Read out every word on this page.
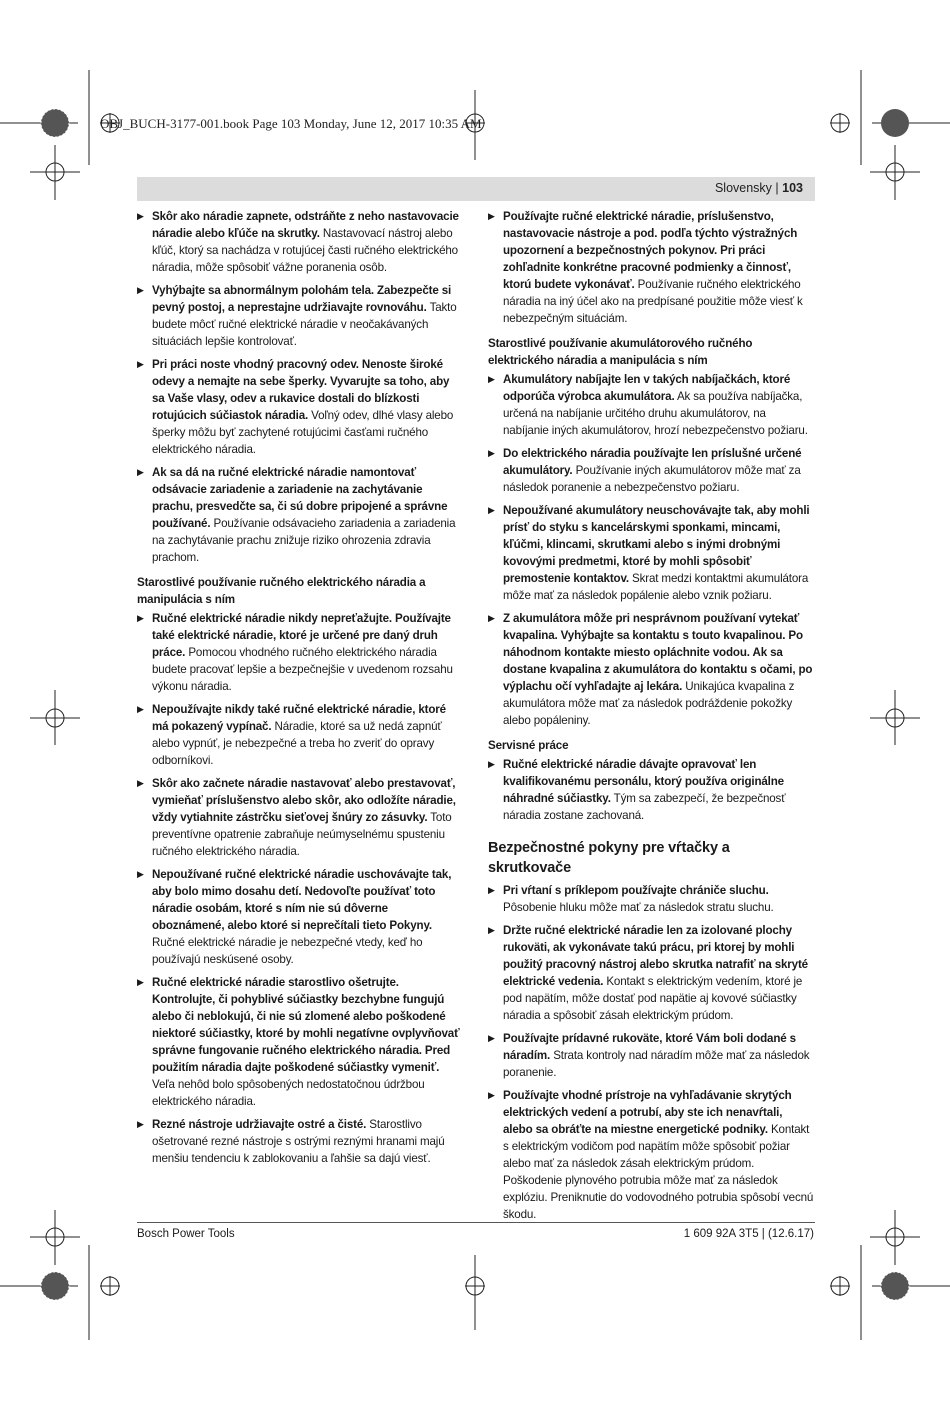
OBJ_BUCH-3177-001.book Page 103 Monday, June 12, 2017 10:35 AM
Slovensky | 103
▶ Skôr ako náradie zapnete, odstráňte z neho nastavovacie náradie alebo kľúče na skrutky. Nastavovací nástroj alebo kľúč, ktorý sa nachádza v rotujúcej časti ručného elektrického náradia, môže spôsobiť vážne poranenia osôb.
▶ Vyhýbajte sa abnormálnym polohám tela. Zabezpečte si pevný postoj, a neprestajne udržiavajte rovnováhu. Takto budete môcť ručné elektrické náradie v neočakávaných situáciách lepšie kontrolovať.
▶ Pri práci noste vhodný pracovný odev. Nenoste široké odevy a nemajte na sebe šperky. Vyvarujte sa toho, aby sa Vaše vlasy, odev a rukavice dostali do blízkosti rotujúcich súčiastok náradia. Voľný odev, dlhé vlasy alebo šperky môžu byť zachytené rotujúcimi časťami ručného elektrického náradia.
▶ Ak sa dá na ručné elektrické náradie namontovať odsávacie zariadenie a zariadenie na zachytávanie prachu, presvedčte sa, či sú dobre pripojené a správne používané. Používanie odsávacieho zariadenia a zariadenia na zachytávanie prachu znižuje riziko ohrozenia zdravia prachom.
Starostlivé používanie ručného elektrického náradia a manipulácia s ním
▶ Ručné elektrické náradie nikdy nepreťažujte. Používajte také elektrické náradie, ktoré je určené pre daný druh práce. Pomocou vhodného ručného elektrického náradia budete pracovať lepšie a bezpečnejšie v uvedenom rozsahu výkonu náradia.
▶ Nepoužívajte nikdy také ručné elektrické náradie, ktoré má pokazený vypínač. Náradie, ktoré sa už nedá zapnúť alebo vypnúť, je nebezpečné a treba ho zveriť do opravy odborníkovi.
▶ Skôr ako začnete náradie nastavovať alebo prestavovať, vymieňať príslušenstvo alebo skôr, ako odložíte náradie, vždy vytiahnite zástrčku sieťovej šnúry zo zásuvky. Toto preventívne opatrenie zabraňuje neúmyselnému spusteniu ručného elektrického náradia.
▶ Nepoužívané ručné elektrické náradie uschovávajte tak, aby bolo mimo dosahu detí. Nedovoľte používať toto náradie osobám, ktoré s ním nie sú dôverne oboznámené, alebo ktoré si neprečítali tieto Pokyny. Ručné elektrické náradie je nebezpečné vtedy, keď ho používajú neskúsené osoby.
▶ Ručné elektrické náradie starostlivo ošetrujte. Kontrolujte, či pohyblivé súčiastky bezchybne fungujú alebo či neblokujú, či nie sú zlomené alebo poškodené niektoré súčiastky, ktoré by mohli negatívne ovplyvňovať správne fungovanie ručného elektrického náradia. Pred použitím náradia dajte poškodené súčiastky vymeniť. Veľa nehôd bolo spôsobených nedostatočnou údržbou elektrického náradia.
▶ Rezné nástroje udržiavajte ostré a čisté. Starostlivo ošetrované rezné nástroje s ostrými reznými hranami majú menšiu tendenciu k zablokovaniu a ľahšie sa dajú viesť.
▶ Používajte ručné elektrické náradie, príslušenstvo, nastavovacie nástroje a pod. podľa týchto výstražných upozornení a bezpečnostných pokynov. Pri práci zohľadnite konkrétne pracovné podmienky a činnosť, ktorú budete vykonávať. Používanie ručného elektrického náradia na iný účel ako na predpísané použitie môže viesť k nebezpečným situáciám.
Starostlivé používanie akumulátorového ručného elektrického náradia a manipulácia s ním
▶ Akumulátory nabíjajte len v takých nabíjačkách, ktoré odporúča výrobca akumulátora. Ak sa používa nabíjačka, určená na nabíjanie určitého druhu akumulátorov, na nabíjanie iných akumulátorov, hrozí nebezpečenstvo požiaru.
▶ Do elektrického náradia používajte len príslušné určené akumulátory. Používanie iných akumulátorov môže mať za následok poranenie a nebezpečenstvo požiaru.
▶ Nepoužívané akumulátory neuschovávajte tak, aby mohli prísť do styku s kancelárskymi sponkami, mincami, kľúčmi, klincami, skrutkami alebo s inými drobnými kovovými predmetmi, ktoré by mohli spôsobiť premostenie kontaktov. Skrat medzi kontaktmi akumulátora môže mať za následok popálenie alebo vznik požiaru.
▶ Z akumulátora môže pri nesprávnom používaní vytekať kvapalina. Vyhýbajte sa kontaktu s touto kvapalinou. Po náhodnom kontakte miesto opláchnite vodou. Ak sa dostane kvapalina z akumulátora do kontaktu s očami, po výplachu očí vyhľadajte aj lekára. Unikajúca kvapalina z akumulátora môže mať za následok podráždenie pokožky alebo popáleniny.
Servisné práce
▶ Ručné elektrické náradie dávajte opravovať len kvalifikovanému personálu, ktorý používa originálne náhradné súčiastky. Tým sa zabezpečí, že bezpečnosť náradia zostane zachovaná.
Bezpečnostné pokyny pre vŕtačky a skrutkovače
▶ Pri vŕtaní s príklepom používajte chrániče sluchu. Pôsobenie hluku môže mať za následok stratu sluchu.
▶ Držte ručné elektrické náradie len za izolované plochy rukoväti, ak vykonávate takú prácu, pri ktorej by mohli použitý pracovný nástroj alebo skrutka natrafiť na skryté elektrické vedenia. Kontakt s elektrickým vedením, ktoré je pod napätím, môže dostať pod napätie aj kovové súčiastky náradia a spôsobiť zásah elektrickým prúdom.
▶ Používajte prídavné rukoväte, ktoré Vám boli dodané s náradím. Strata kontroly nad náradím môže mať za následok poranenie.
▶ Používajte vhodné prístroje na vyhľadávanie skrytých elektrických vedení a potrubí, aby ste ich nenavŕtali, alebo sa obráťte na miestne energetické podniky. Kontakt s elektrickým vodičom pod napätím môže spôsobiť požiar alebo mať za následok zásah elektrickým prúdom. Poškodenie plynového potrubia môže mať za následok explóziu. Preniknutie do vodovodného potrubia spôsobí vecnú škodu.
Bosch Power Tools	1 609 92A 3T5 | (12.6.17)
